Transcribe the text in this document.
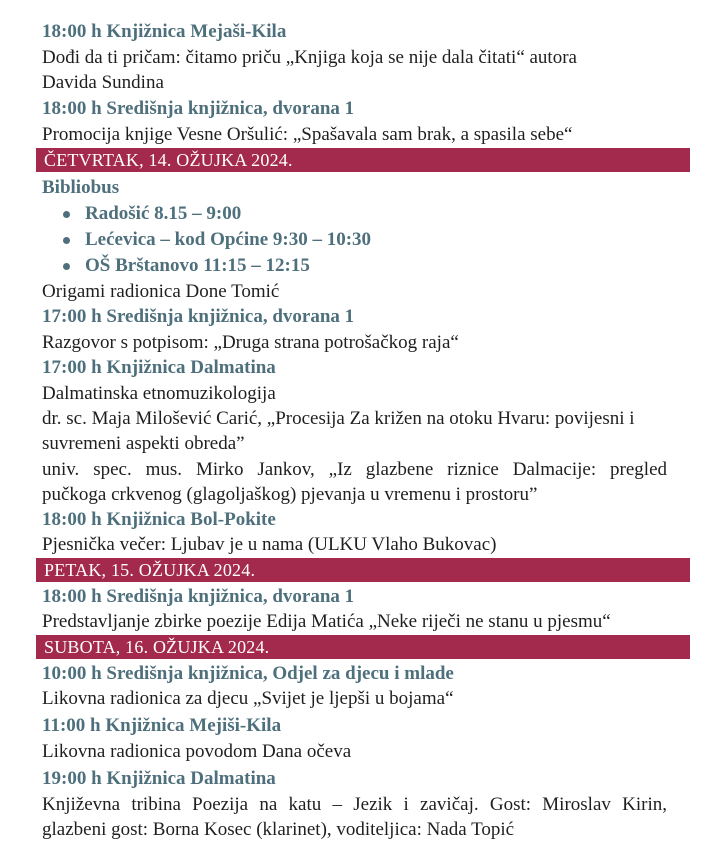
18:00 h Knjižnica Mejaši-Kila
Dođi da ti pričam: čitamo priču „Knjiga koja se nije dala čitati“ autora
Davida Sundina
18:00 h Središnja knjižnica, dvorana 1
Promocija knjige Vesne Oršulić: „Spašavala sam brak, a spasila sebe“
ČETVRTAK, 14. OŽUJKA 2024.
Bibliobus
Radošić 8.15 – 9:00
Lećevica – kod Općine 9:30 – 10:30
OŠ Brštanovo 11:15 – 12:15
Origami radionica Done Tomić
17:00 h Središnja knjižnica, dvorana 1
Razgovor s potpisom: „Druga strana potrošačkog raja“
17:00 h Knjižnica Dalmatina
Dalmatinska etnomuzikologija
dr. sc. Maja Milošević Carić, „Procesija Za križen na otoku Hvaru: povijesni i
suvremeni aspekti obreda”
univ. spec. mus. Mirko Jankov, „Iz glazbene riznice Dalmacije: pregled
pučkoga crkvenog (glagoljaškog) pjevanja u vremenu i prostoru”
18:00 h Knjižnica Bol-Pokite
Pjesnička večer: Ljubav je u nama (ULKU Vlaho Bukovac)
PETAK, 15. OŽUJKA 2024.
18:00 h Središnja knjižnica, dvorana 1
Predstavljanje zbirke poezije Edija Matića „Neke riječi ne stanu u pjesmu“
SUBOTA, 16. OŽUJKA 2024.
10:00 h Središnja knjižnica, Odjel za djecu i mlade
Likovna radionica za djecu „Svijet je ljepši u bojama“
11:00 h Knjižnica Mejiši-Kila
Likovna radionica povodom Dana očeva
19:00 h Knjižnica Dalmatina
Književna tribina Poezija na katu – Jezik i zavičaj. Gost: Miroslav Kirin,
glazbeni gost: Borna Kosec (klarinet), voditeljica: Nada Topić
